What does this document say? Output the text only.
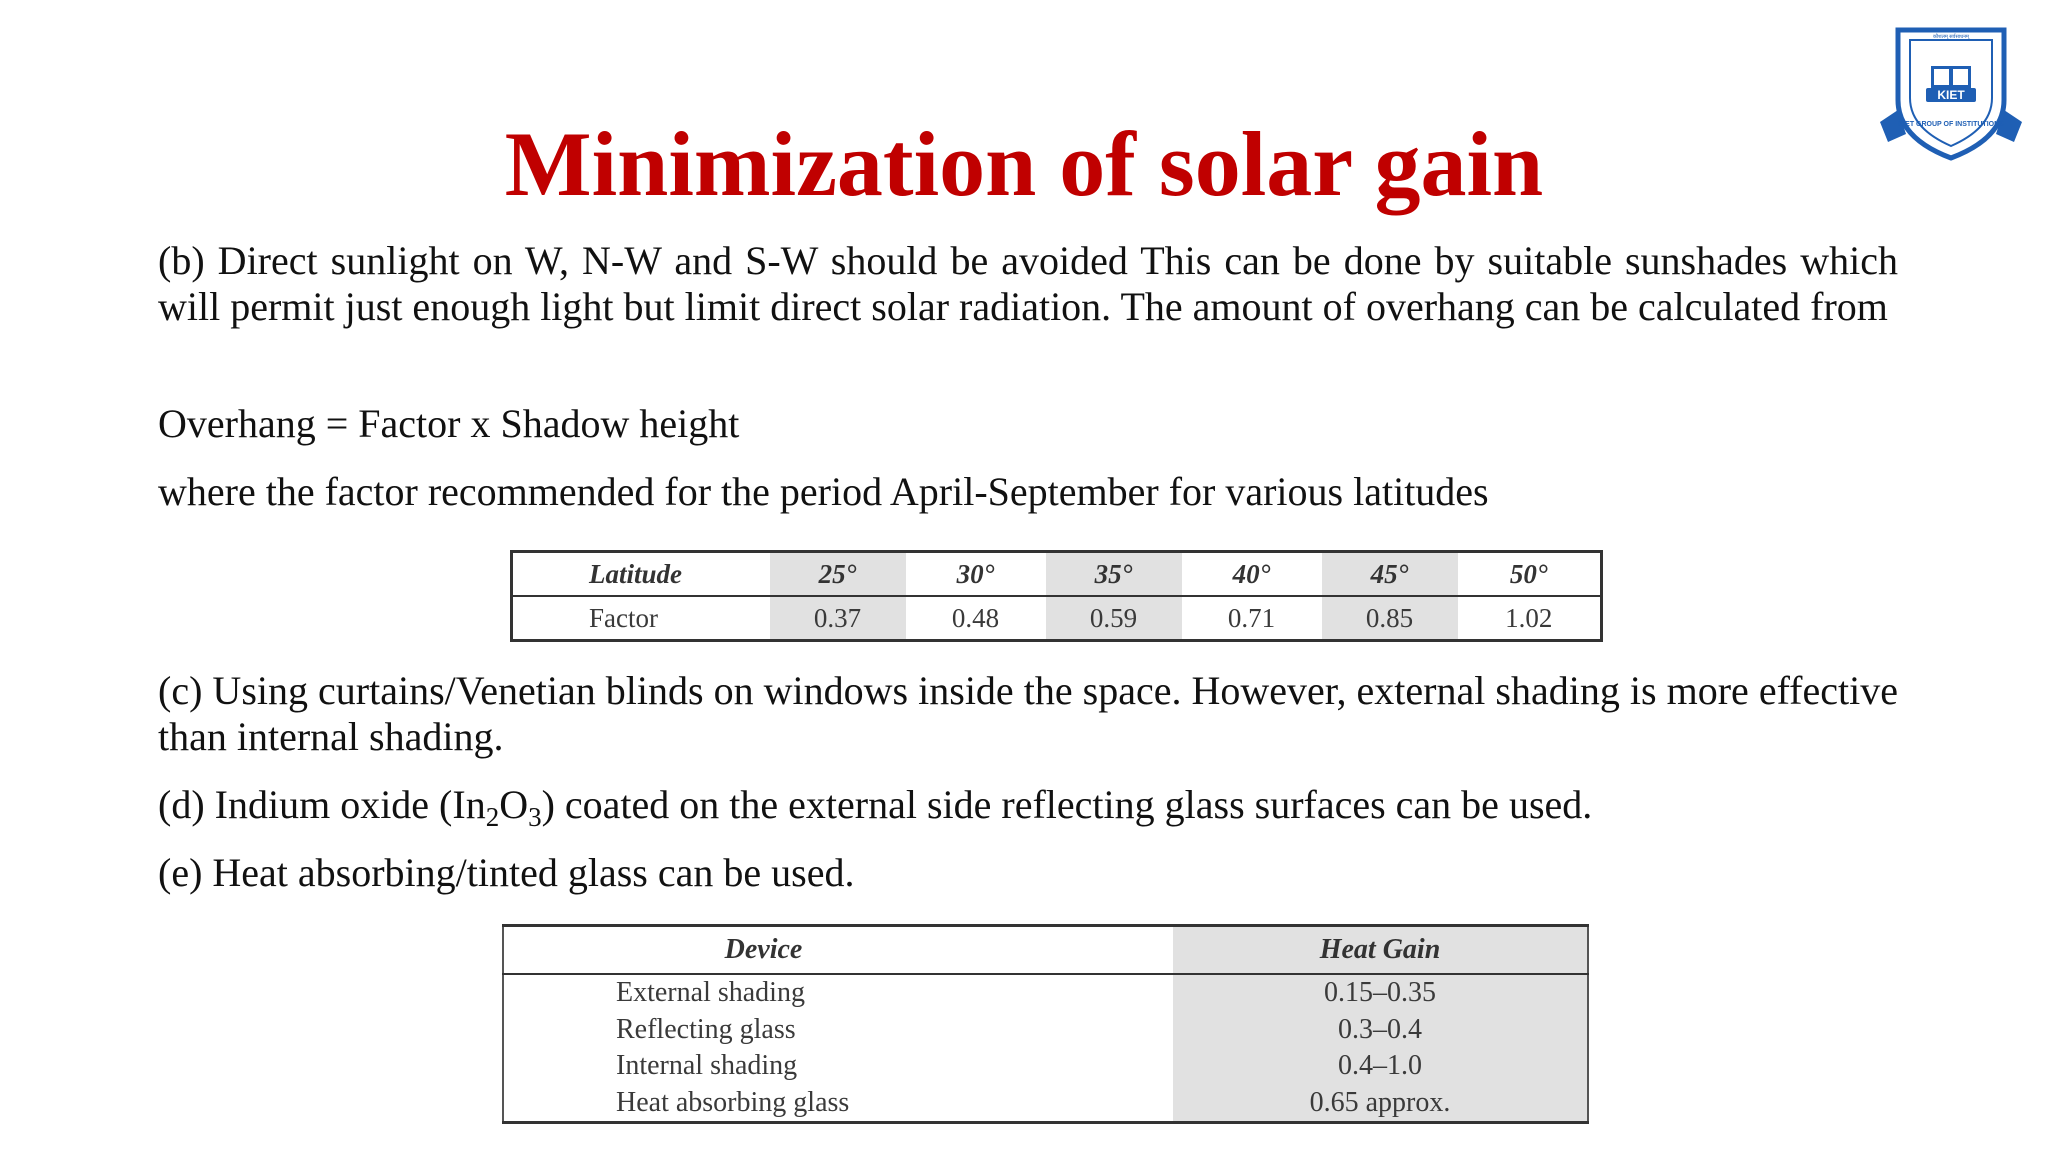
Minimization of solar gain
KIET
कौशलम् सर्वसाधनम्
KIET GROUP OF INSTITUTIONS

(b) Direct sunlight on W, N-W and S-W should be avoided This can be done by suitable sunshades which will permit just enough light but limit direct solar radiation. The amount of overhang can be calculated from

Overhang = Factor x Shadow height

where the factor recommended for the period April-September for various latitudes

Latitude	25°	30°	35°	40°	45°	50°
Factor	0.37	0.48	0.59	0.71	0.85	1.02

(c) Using curtains/Venetian blinds on windows inside the space. However, external shading is more effective than internal shading.

(d) Indium oxide $(In_2O_3)$ coated on the external side reflecting glass surfaces can be used.

(e) Heat absorbing/tinted glass can be used.

Device	Heat Gain
External shading	0.15–0.35
Reflecting glass	0.3–0.4
Internal shading	0.4–1.0
Heat absorbing glass	0.65 approx.
